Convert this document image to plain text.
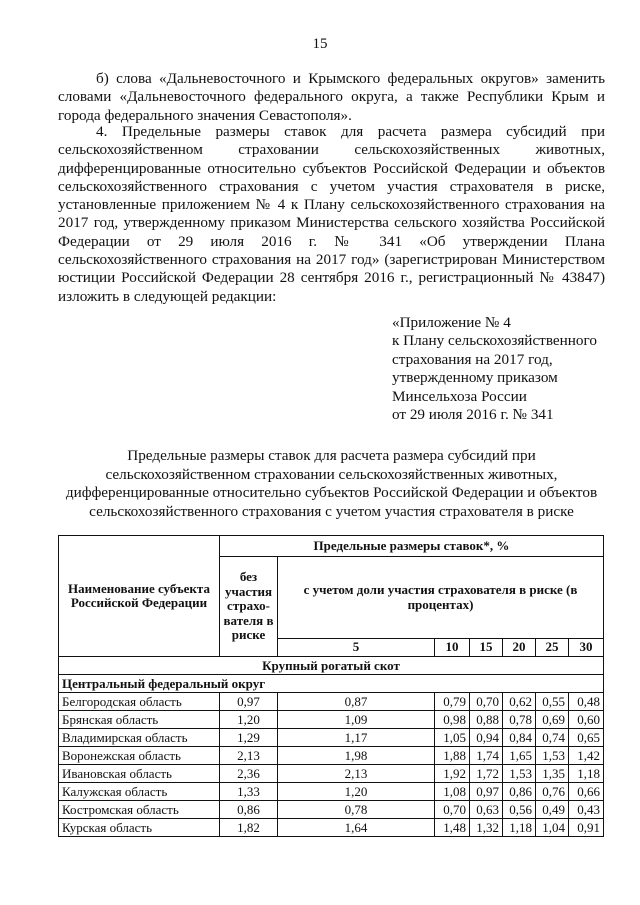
15
б) слова «Дальневосточного и Крымского федеральных округов» заменить словами «Дальневосточного федерального округа, а также Республики Крым и города федерального значения Севастополя».
4. Предельные размеры ставок для расчета размера субсидий при сельскохозяйственном страховании сельскохозяйственных животных, дифференцированные относительно субъектов Российской Федерации и объектов сельскохозяйственного страхования с учетом участия страхователя в риске, установленные приложением № 4 к Плану сельскохозяйственного страхования на 2017 год, утвержденному приказом Министерства сельского хозяйства Российской Федерации от 29 июля 2016 г. № 341 «Об утверждении Плана сельскохозяйственного страхования на 2017 год» (зарегистрирован Министерством юстиции Российской Федерации 28 сентября 2016 г., регистрационный № 43847) изложить в следующей редакции:
«Приложение № 4
к Плану сельскохозяйственного
страхования на 2017 год,
утвержденному приказом
Минсельхоза России
от 29 июля 2016 г. № 341
Предельные размеры ставок для расчета размера субсидий при
сельскохозяйственном страховании сельскохозяйственных животных,
дифференцированные относительно субъектов Российской Федерации и объектов
сельскохозяйственного страхования с учетом участия страхователя в риске
Наименование субъекта Российской Федерации	Предельные размеры ставок*, %						
	без участия страхо- вателя в риске	с учетом доли участия страхователя в риске (в процентах)					
		5	10	15	20	25	30
Крупный рогатый скот							
Центральный федеральный округ							
Белгородская область	0,97	0,87	0,79	0,70	0,62	0,55	0,48
Брянская область	1,20	1,09	0,98	0,88	0,78	0,69	0,60
Владимирская область	1,29	1,17	1,05	0,94	0,84	0,74	0,65
Воронежская область	2,13	1,98	1,88	1,74	1,65	1,53	1,42
Ивановская область	2,36	2,13	1,92	1,72	1,53	1,35	1,18
Калужская область	1,33	1,20	1,08	0,97	0,86	0,76	0,66
Костромская область	0,86	0,78	0,70	0,63	0,56	0,49	0,43
Курская область	1,82	1,64	1,48	1,32	1,18	1,04	0,91
